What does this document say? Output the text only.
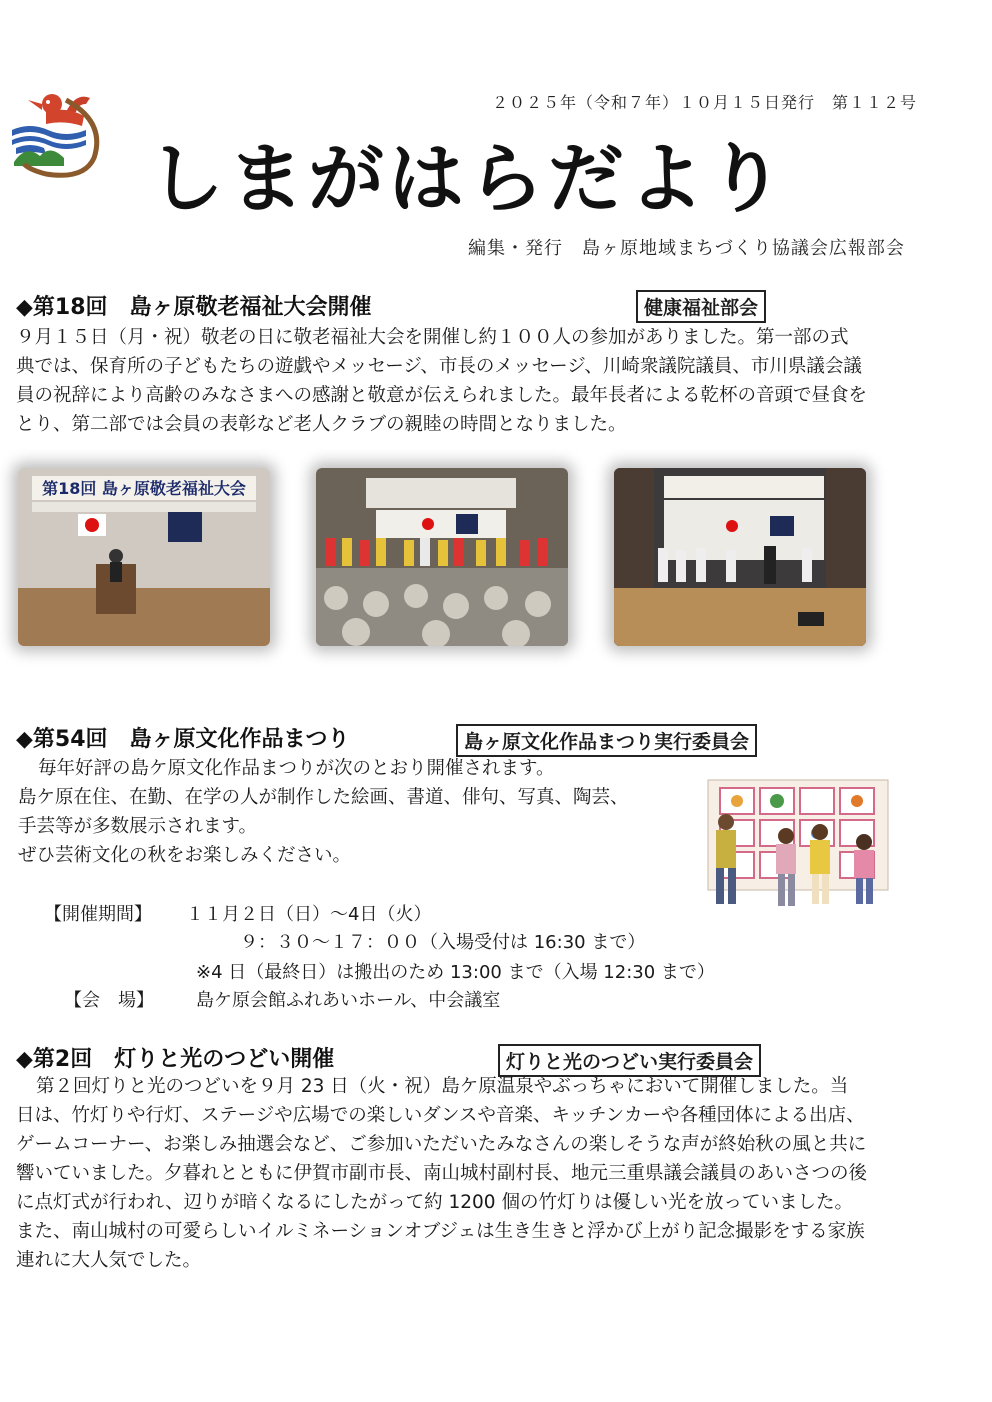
２０２５年（令和７年）１０月１５日発行　第１１２号
しまがはらだより
編集・発行　島ヶ原地域まちづくり協議会広報部会
◆第18回　島ヶ原敬老福祉大会開催	健康福祉部会
９月１５日（月・祝）敬老の日に敬老福祉大会を開催し約１００人の参加がありました。第一部の式
典では、保育所の子どもたちの遊戯やメッセージ、市長のメッセージ、川崎衆議院議員、市川県議会議
員の祝辞により高齢のみなさまへの感謝と敬意が伝えられました。最年長者による乾杯の音頭で昼食を
とり、第二部では会員の表彰など老人クラブの親睦の時間となりました。
第18回 島ヶ原敬老福祉大会
◆第54回　島ヶ原文化作品まつり	島ヶ原文化作品まつり実行委員会
毎年好評の島ケ原文化作品まつりが次のとおり開催されます。
島ケ原在住、在勤、在学の人が制作した絵画、書道、俳句、写真、陶芸、
手芸等が多数展示されます。
ぜひ芸術文化の秋をお楽しみください。
【開催期間】 １１月２日（日）～4日（火）
９：３０～１７：００（入場受付は 16:30 まで）
※4 日（最終日）は搬出のため 13:00 まで（入場 12:30 まで）
【会　場】 島ケ原会館ふれあいホール、中会議室
◆第2回　灯りと光のつどい開催	灯りと光のつどい実行委員会
第２回灯りと光のつどいを９月 23 日（火・祝）島ケ原温泉やぶっちゃにおいて開催しました。当
日は、竹灯りや行灯、ステージや広場での楽しいダンスや音楽、キッチンカーや各種団体による出店、
ゲームコーナー、お楽しみ抽選会など、ご参加いただいたみなさんの楽しそうな声が終始秋の風と共に
響いていました。夕暮れとともに伊賀市副市長、南山城村副村長、地元三重県議会議員のあいさつの後
に点灯式が行われ、辺りが暗くなるにしたがって約 1200 個の竹灯りは優しい光を放っていました。
また、南山城村の可愛らしいイルミネーションオブジェは生き生きと浮かび上がり記念撮影をする家族
連れに大人気でした。
